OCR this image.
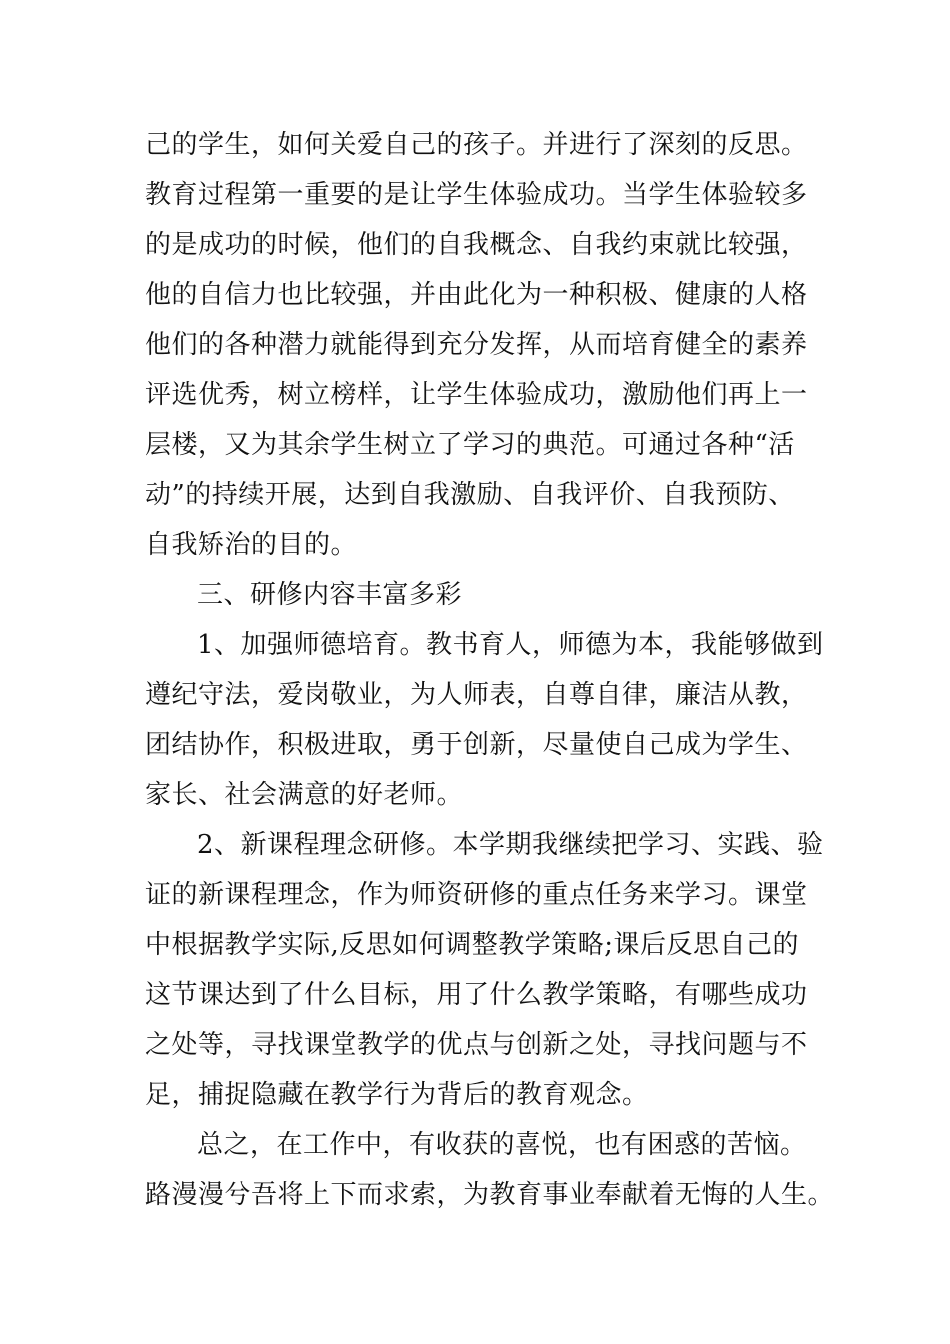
己的学生，如何关爱自己的孩子。并进行了深刻的反思。
教育过程第一重要的是让学生体验成功。当学生体验较多
的是成功的时候，他们的自我概念、自我约束就比较强，
他的自信力也比较强，并由此化为一种积极、健康的人格
他们的各种潜力就能得到充分发挥，从而培育健全的素养
评选优秀，树立榜样，让学生体验成功，激励他们再上一
层楼，又为其余学生树立了学习的典范。可通过各种“活
动”的持续开展，达到自我激励、自我评价、自我预防、
自我矫治的目的。
三、研修内容丰富多彩
1、加强师德培育。教书育人，师德为本，我能够做到
遵纪守法，爱岗敬业，为人师表，自尊自律，廉洁从教，
团结协作，积极进取，勇于创新，尽量使自己成为学生、
家长、社会满意的好老师。
2、新课程理念研修。本学期我继续把学习、实践、验
证的新课程理念，作为师资研修的重点任务来学习。课堂
中根据教学实际,反思如何调整教学策略;课后反思自己的
这节课达到了什么目标，用了什么教学策略，有哪些成功
之处等，寻找课堂教学的优点与创新之处，寻找问题与不
足，捕捉隐藏在教学行为背后的教育观念。
总之，在工作中，有收获的喜悦，也有困惑的苦恼。
路漫漫兮吾将上下而求索，为教育事业奉献着无悔的人生。
